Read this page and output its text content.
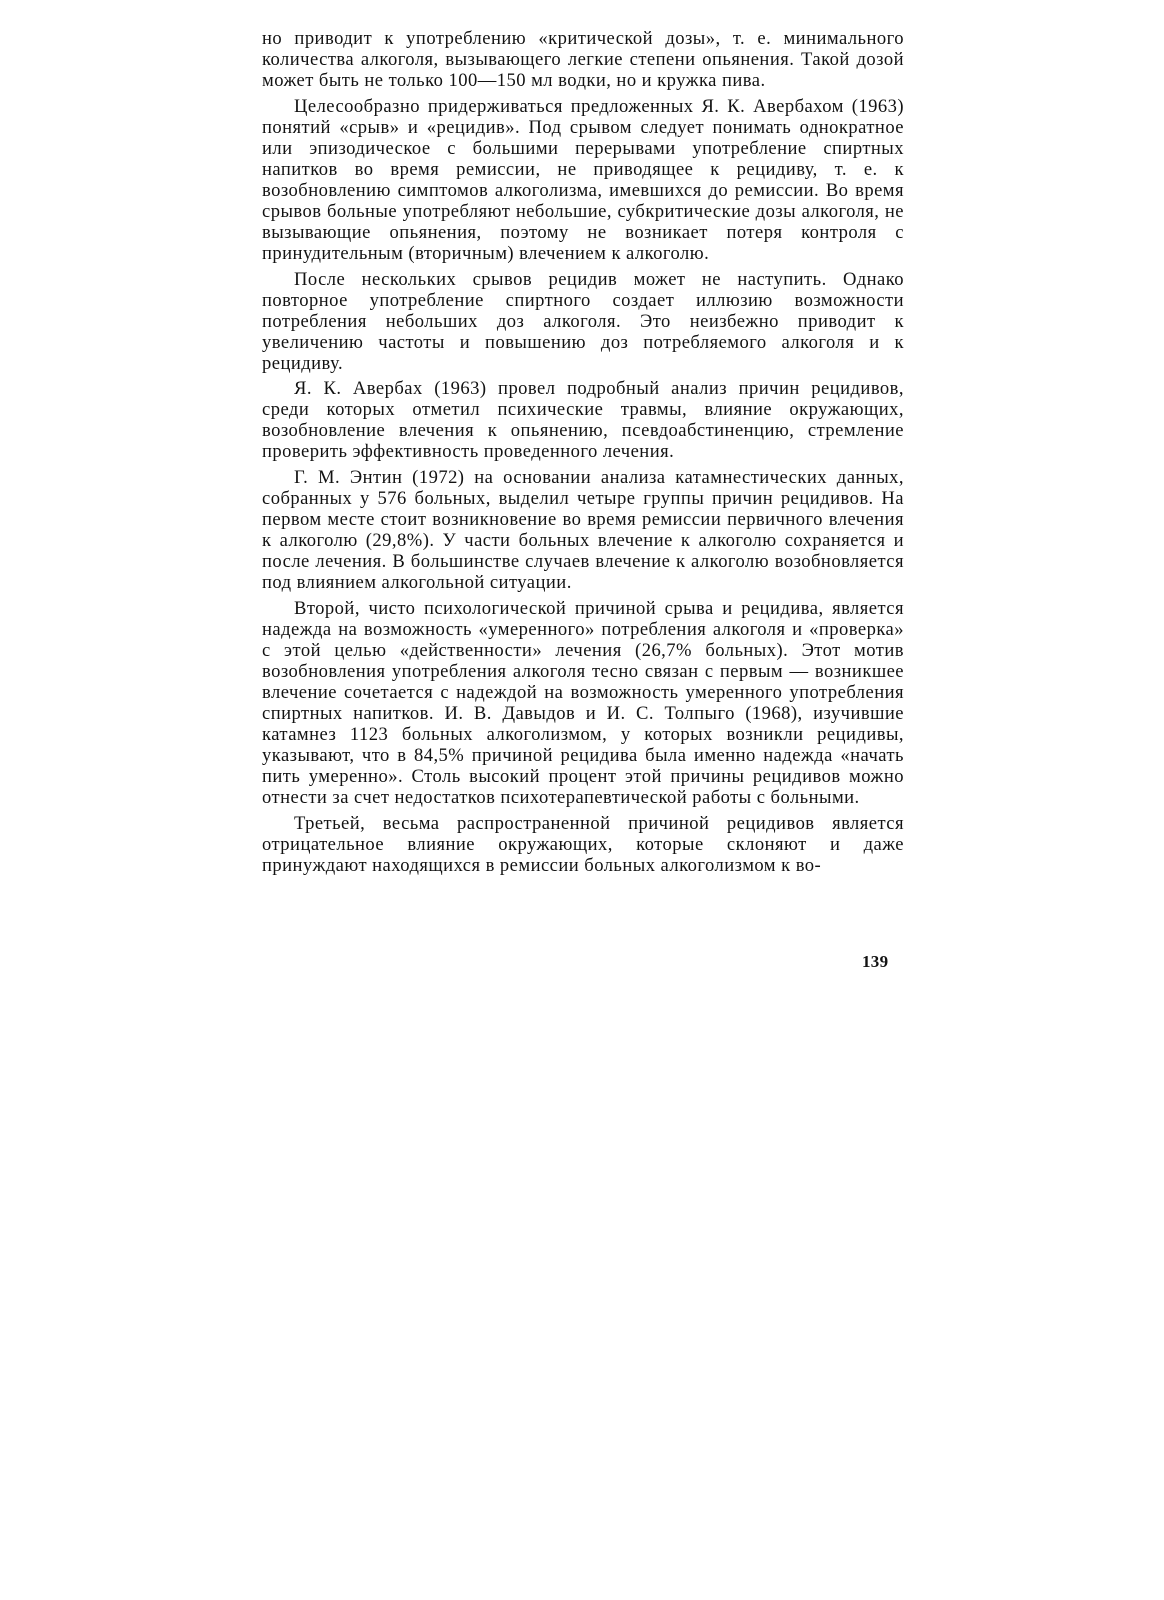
но приводит к употреблению «критической дозы», т. е. минимального количества алкоголя, вызывающего легкие степени опьянения. Такой дозой может быть не только 100—150 мл водки, но и кружка пива.

Целесообразно придерживаться предложенных Я. К. Авербахом (1963) понятий «срыв» и «рецидив». Под срывом следует понимать однократное или эпизодическое с большими перерывами употребление спиртных напитков во время ремиссии, не приводящее к рецидиву, т. е. к возобновлению симптомов алкоголизма, имевшихся до ремиссии. Во время срывов больные употребляют небольшие, субкритические дозы алкоголя, не вызывающие опьянения, поэтому не возникает потеря контроля с принудительным (вторичным) влечением к алкоголю.

После нескольких срывов рецидив может не наступить. Однако повторное употребление спиртного создает иллюзию возможности потребления небольших доз алкоголя. Это неизбежно приводит к увеличению частоты и повышению доз потребляемого алкоголя и к рецидиву.

Я. К. Авербах (1963) провел подробный анализ причин рецидивов, среди которых отметил психические травмы, влияние окружающих, возобновление влечения к опьянению, псевдоабстиненцию, стремление проверить эффективность проведенного лечения.

Г. М. Энтин (1972) на основании анализа катамнестических данных, собранных у 576 больных, выделил четыре группы причин рецидивов. На первом месте стоит возникновение во время ремиссии первичного влечения к алкоголю (29,8%). У части больных влечение к алкоголю сохраняется и после лечения. В большинстве случаев влечение к алкоголю возобновляется под влиянием алкогольной ситуации.

Второй, чисто психологической причиной срыва и рецидива, является надежда на возможность «умеренного» потребления алкоголя и «проверка» с этой целью «действенности» лечения (26,7% больных). Этот мотив возобновления употребления алкоголя тесно связан с первым — возникшее влечение сочетается с надеждой на возможность умеренного употребления спиртных напитков. И. В. Давыдов и И. С. Толпыго (1968), изучившие катамнез 1123 больных алкоголизмом, у которых возникли рецидивы, указывают, что в 84,5% причиной рецидива была именно надежда «начать пить умеренно». Столь высокий процент этой причины рецидивов можно отнести за счет недостатков психотерапевтической работы с больными.

Третьей, весьма распространенной причиной рецидивов является отрицательное влияние окружающих, которые склоняют и даже принуждают находящихся в ремиссии больных алкоголизмом к во-

139
